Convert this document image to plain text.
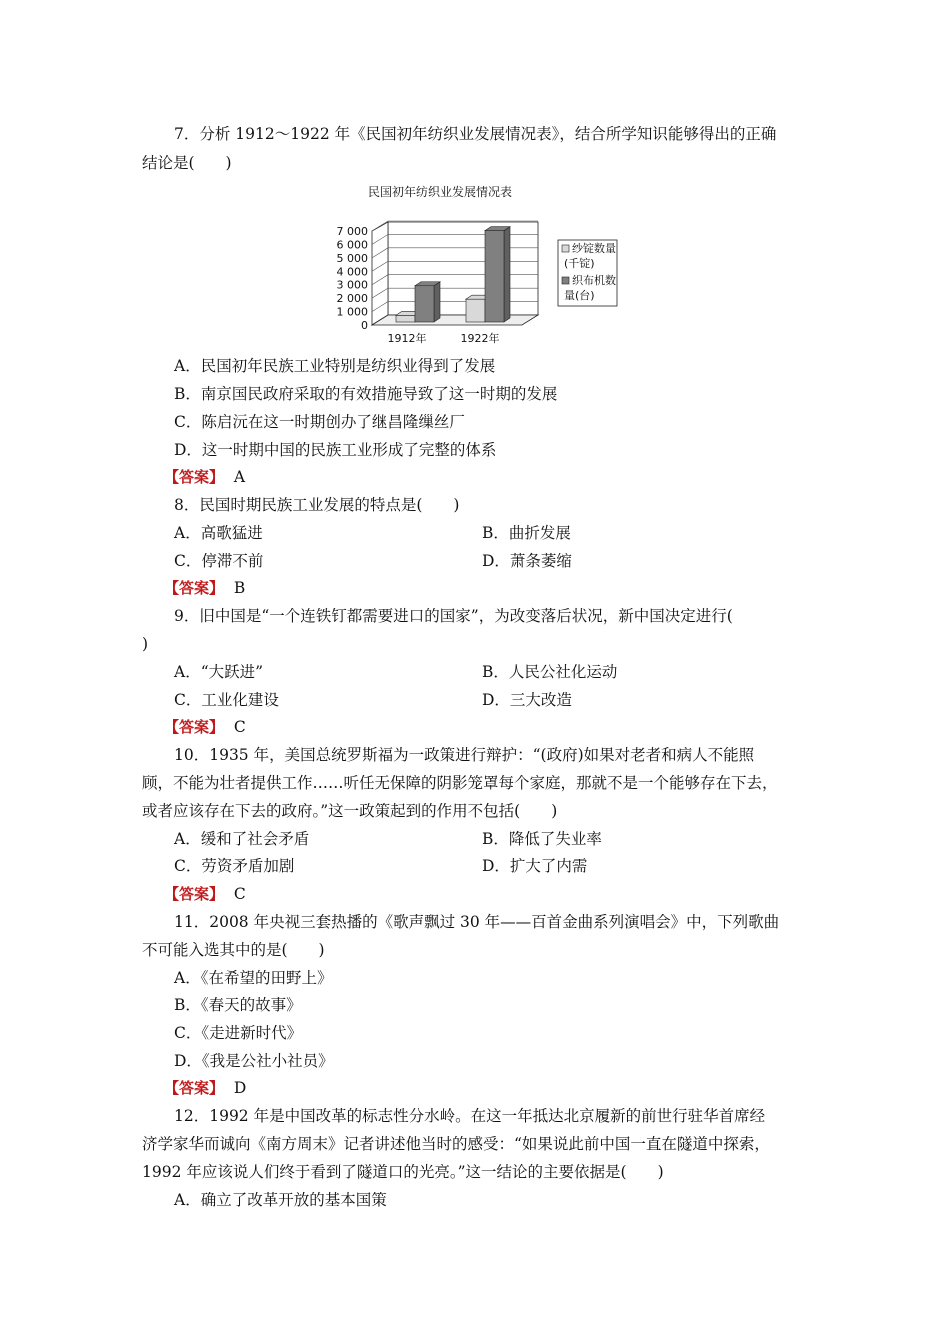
7．分析 1912～1922 年《民国初年纺织业发展情况表》，结合所学知识能够得出的正确
结论是(　　)
民国初年纺织业发展情况表
7 000
6 000
5 000
4 000
3 000
2 000
1 000
0
1912年	1922年
纱锭数量
(千锭)
织布机数
量(台)
A．民国初年民族工业特别是纺织业得到了发展
B．南京国民政府采取的有效措施导致了这一时期的发展
C．陈启沅在这一时期创办了继昌隆缫丝厂
D．这一时期中国的民族工业形成了完整的体系
【答案】 A
8．民国时期民族工业发展的特点是(　　)
A．高歌猛进	B．曲折发展
C．停滞不前	D．萧条萎缩
【答案】 B
9．旧中国是“一个连铁钉都需要进口的国家”，为改变落后状况，新中国决定进行(
)
A．“大跃进”	B．人民公社化运动
C．工业化建设	D．三大改造
【答案】 C
10．1935 年，美国总统罗斯福为一政策进行辩护：“(政府)如果对老者和病人不能照
顾，不能为壮者提供工作……听任无保障的阴影笼罩每个家庭，那就不是一个能够存在下去，
或者应该存在下去的政府。”这一政策起到的作用不包括(　　)
A．缓和了社会矛盾	B．降低了失业率
C．劳资矛盾加剧	D．扩大了内需
【答案】 C
11．2008 年央视三套热播的《歌声飘过 30 年——百首金曲系列演唱会》中，下列歌曲
不可能入选其中的是(　　)
A．《在希望的田野上》
B．《春天的故事》
C．《走进新时代》
D．《我是公社小社员》
【答案】 D
12．1992 年是中国改革的标志性分水岭。在这一年抵达北京履新的前世行驻华首席经
济学家华而诚向《南方周末》记者讲述他当时的感受：“如果说此前中国一直在隧道中探索，
1992 年应该说人们终于看到了隧道口的光亮。”这一结论的主要依据是(　　)
A．确立了改革开放的基本国策
